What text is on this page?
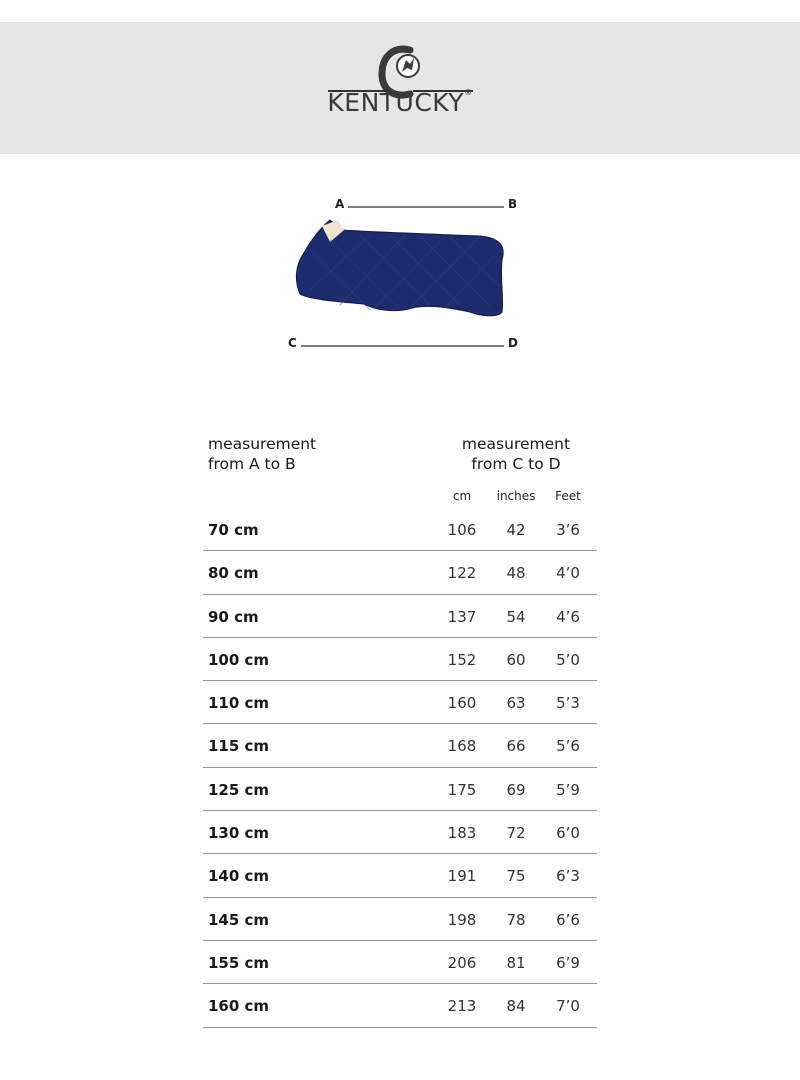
KENTUCKY®
A	B
C	D
measurement
from A to B
measurement
from C to D
cm	inches	Feet
70 cm	106	42	3’6
80 cm	122	48	4’0
90 cm	137	54	4’6
100 cm	152	60	5’0
110 cm	160	63	5’3
115 cm	168	66	5’6
125 cm	175	69	5’9
130 cm	183	72	6’0
140 cm	191	75	6’3
145 cm	198	78	6’6
155 cm	206	81	6’9
160 cm	213	84	7’0
